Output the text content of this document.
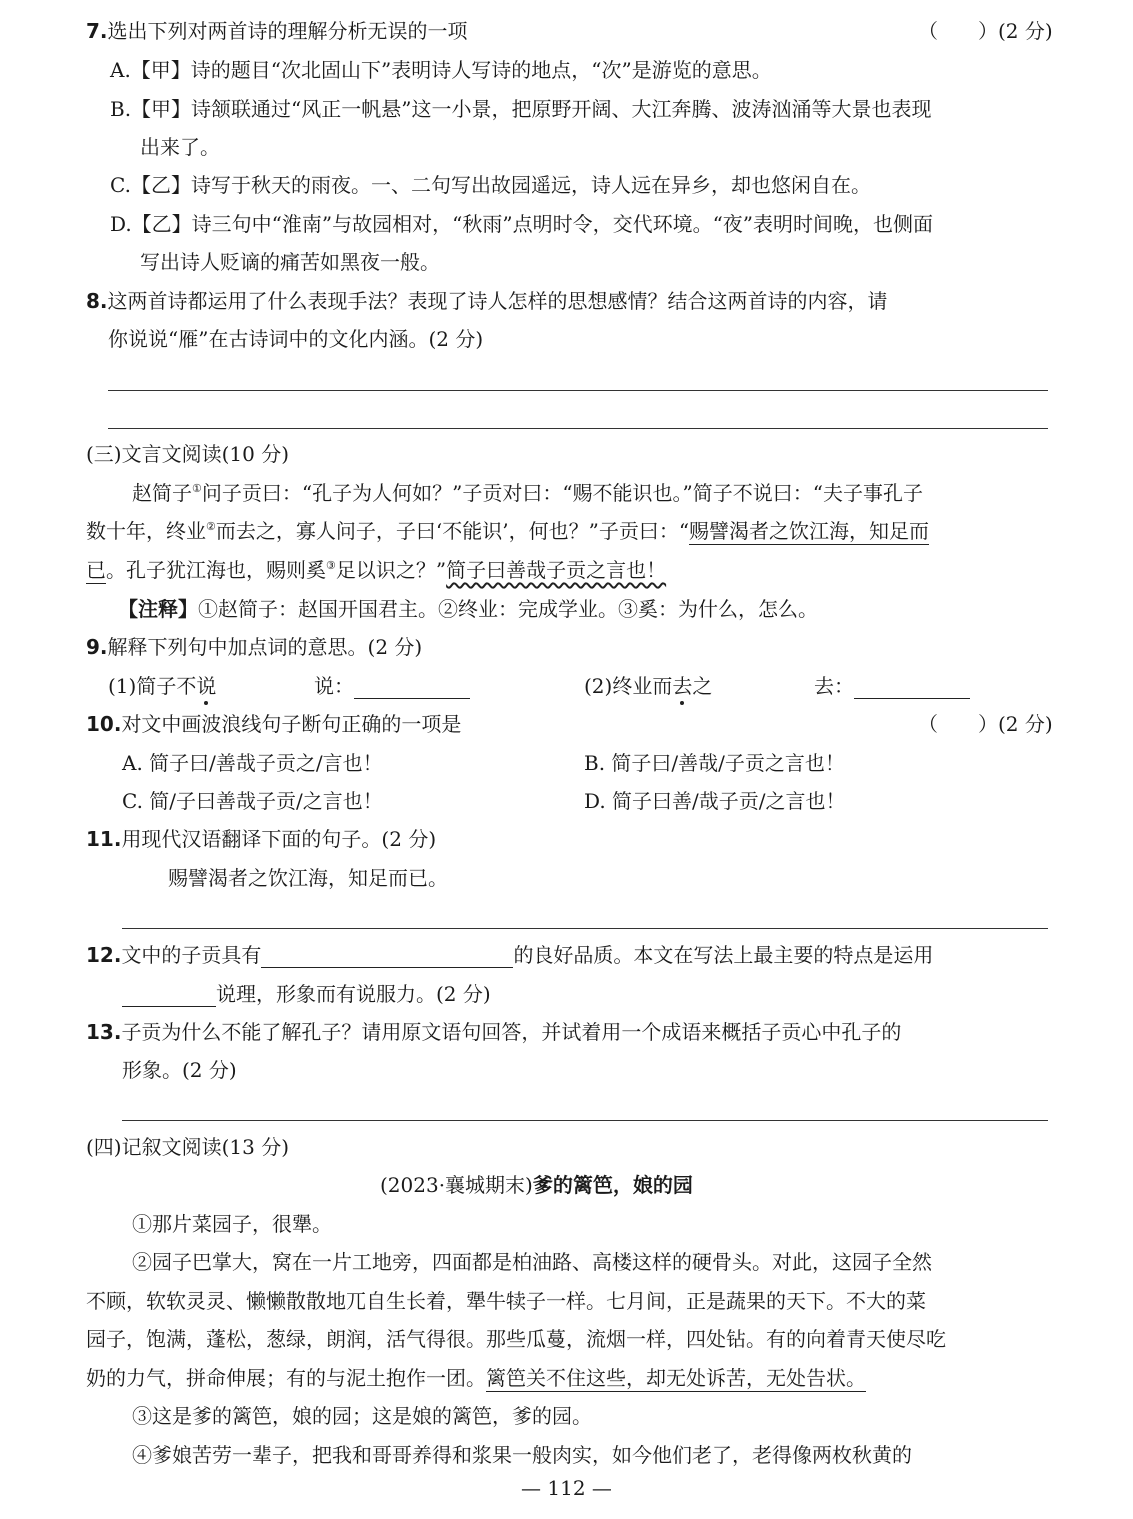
7.选出下列对两首诗的理解分析无误的一项	（　　）(2 分)
A.【甲】诗的题目“次北固山下”表明诗人写诗的地点，“次”是游览的意思。
B.【甲】诗颔联通过“风正一帆悬”这一小景，把原野开阔、大江奔腾、波涛汹涌等大景也表现
出来了。
C.【乙】诗写于秋天的雨夜。一、二句写出故园遥远，诗人远在异乡，却也悠闲自在。
D.【乙】诗三句中“淮南”与故园相对，“秋雨”点明时令，交代环境。“夜”表明时间晚，也侧面
写出诗人贬谪的痛苦如黑夜一般。
8.这两首诗都运用了什么表现手法？表现了诗人怎样的思想感情？结合这两首诗的内容，请
你说说“雁”在古诗词中的文化内涵。(2 分)
(三)文言文阅读(10 分)
赵简子①问子贡曰：“孔子为人何如？”子贡对曰：“赐不能识也。”简子不说曰：“夫子事孔子
数十年，终业②而去之，寡人问子，子曰‘不能识’，何也？”子贡曰：“赐譬渴者之饮江海，知足而
已。孔子犹江海也，赐则奚③足以识之？”简子曰善哉子贡之言也！
【注释】①赵简子：赵国开国君主。②终业：完成学业。③奚：为什么，怎么。
9.解释下列句中加点词的意思。(2 分)
(1)简子不说	说：	(2)终业而去之	去：
10.对文中画波浪线句子断句正确的一项是	（　　）(2 分)
A. 简子曰/善哉子贡之/言也！	B. 简子曰/善哉/子贡之言也！
C. 简/子曰善哉子贡/之言也！	D. 简子曰善/哉子贡/之言也！
11.用现代汉语翻译下面的句子。(2 分)
赐譬渴者之饮江海，知足而已。
12.文中的子贡具有	的良好品质。本文在写法上最主要的特点是运用
说理，形象而有说服力。(2 分)
13.子贡为什么不能了解孔子？请用原文语句回答，并试着用一个成语来概括子贡心中孔子的
形象。(2 分)
(四)记叙文阅读(13 分)
(2023·襄城期末)爹的篱笆，娘的园
①那片菜园子，很犟。
②园子巴掌大，窝在一片工地旁，四面都是柏油路、高楼这样的硬骨头。对此，这园子全然
不顾，软软灵灵、懒懒散散地兀自生长着，犟牛犊子一样。七月间，正是蔬果的天下。不大的菜
园子，饱满，蓬松，葱绿，朗润，活气得很。那些瓜蔓，流烟一样，四处钻。有的向着青天使尽吃
奶的力气，拼命伸展；有的与泥土抱作一团。篱笆关不住这些，却无处诉苦，无处告状。
③这是爹的篱笆，娘的园；这是娘的篱笆，爹的园。
④爹娘苦劳一辈子，把我和哥哥养得和浆果一般肉实，如今他们老了，老得像两枚秋黄的
— 112 —
